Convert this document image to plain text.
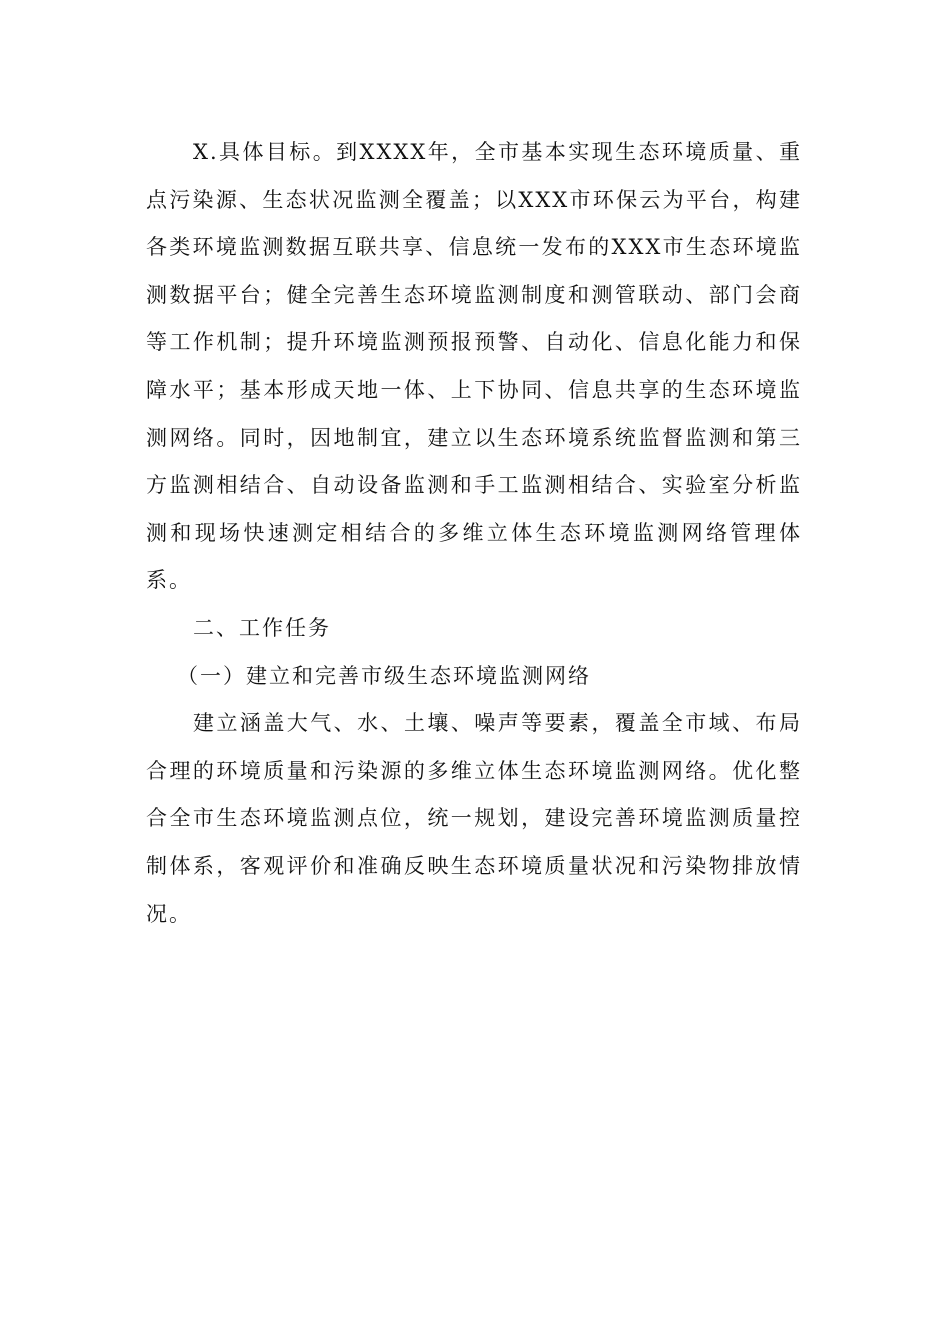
X.具体目标。到XXXX年，全市基本实现生态环境质量、重点污染源、生态状况监测全覆盖；以XXX市环保云为平台，构建各类环境监测数据互联共享、信息统一发布的XXX市生态环境监测数据平台；健全完善生态环境监测制度和测管联动、部门会商等工作机制；提升环境监测预报预警、自动化、信息化能力和保障水平；基本形成天地一体、上下协同、信息共享的生态环境监测网络。同时，因地制宜，建立以生态环境系统监督监测和第三方监测相结合、自动设备监测和手工监测相结合、实验室分析监测和现场快速测定相结合的多维立体生态环境监测网络管理体系。

二、工作任务

（一）建立和完善市级生态环境监测网络

建立涵盖大气、水、土壤、噪声等要素，覆盖全市域、布局合理的环境质量和污染源的多维立体生态环境监测网络。优化整合全市生态环境监测点位，统一规划，建设完善环境监测质量控制体系，客观评价和准确反映生态环境质量状况和污染物排放情况。
